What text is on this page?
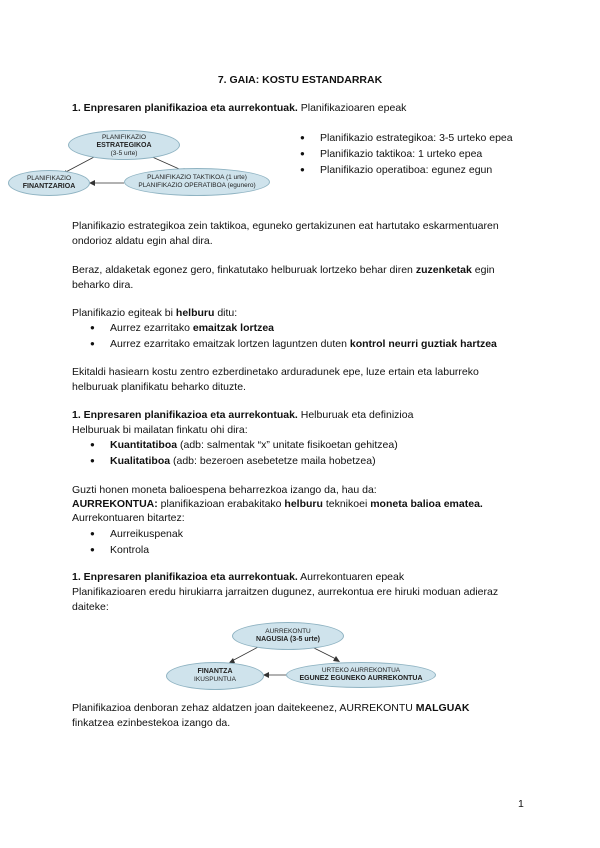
7. GAIA: KOSTU ESTANDARRAK
1. Enpresaren planifikazioa eta aurrekontuak. Planifikazioaren epeak
PLANIFIKAZIO
ESTRATEGIKOA
(3-5 urte)
PLANIFIKAZIO TAKTIKOA (1 urte)
PLANIFIKAZIO OPERATIBOA (egunero)
PLANIFIKAZIO
FINANTZARIOA
● Planifikazio estrategikoa: 3-5 urteko epea
● Planifikazio taktikoa: 1 urteko epea
● Planifikazio operatiboa: egunez egun
Planifikazio estrategikoa zein taktikoa, eguneko gertakizunen eat hartutako eskarmentuaren
ondorioz aldatu egin ahal dira.
Beraz, aldaketak egonez gero, finkatutako helburuak lortzeko behar diren zuzenketak egin
beharko dira.
Planifikazio egiteak bi helburu ditu:
● Aurrez ezarritako emaitzak lortzea
● Aurrez ezarritako emaitzak lortzen laguntzen duten kontrol neurri guztiak hartzea
Ekitaldi hasiearn kostu zentro ezberdinetako arduradunek epe, luze ertain eta laburreko
helburuak planifikatu beharko dituzte.
1. Enpresaren planifikazioa eta aurrekontuak. Helburuak eta definizioa
Helburuak bi mailatan finkatu ohi dira:
● Kuantitatiboa (adb: salmentak “x” unitate fisikoetan gehitzea)
● Kualitatiboa (adb: bezeroen asebetetze maila hobetzea)
Guzti honen moneta balioespena beharrezkoa izango da, hau da:
AURREKONTUA: planifikazioan erabakitako helburu teknikoei moneta balioa ematea.
Aurrekontuaren bitartez:
● Aurreikuspenak
● Kontrola
1. Enpresaren planifikazioa eta aurrekontuak. Aurrekontuaren epeak
Planifikazioaren eredu hirukiarra jarraitzen dugunez, aurrekontua ere hiruki moduan adieraz
daiteke:
AURREKONTU
NAGUSIA (3-5 urte)
FINANTZA
IKUSPUNTUA
URTEKO AURREKONTUA
EGUNEZ EGUNEKO AURREKONTUA
Planifikazioa denboran zehaz aldatzen joan daitekeenez, AURREKONTU MALGUAK
finkatzea ezinbestekoa izango da.
1
